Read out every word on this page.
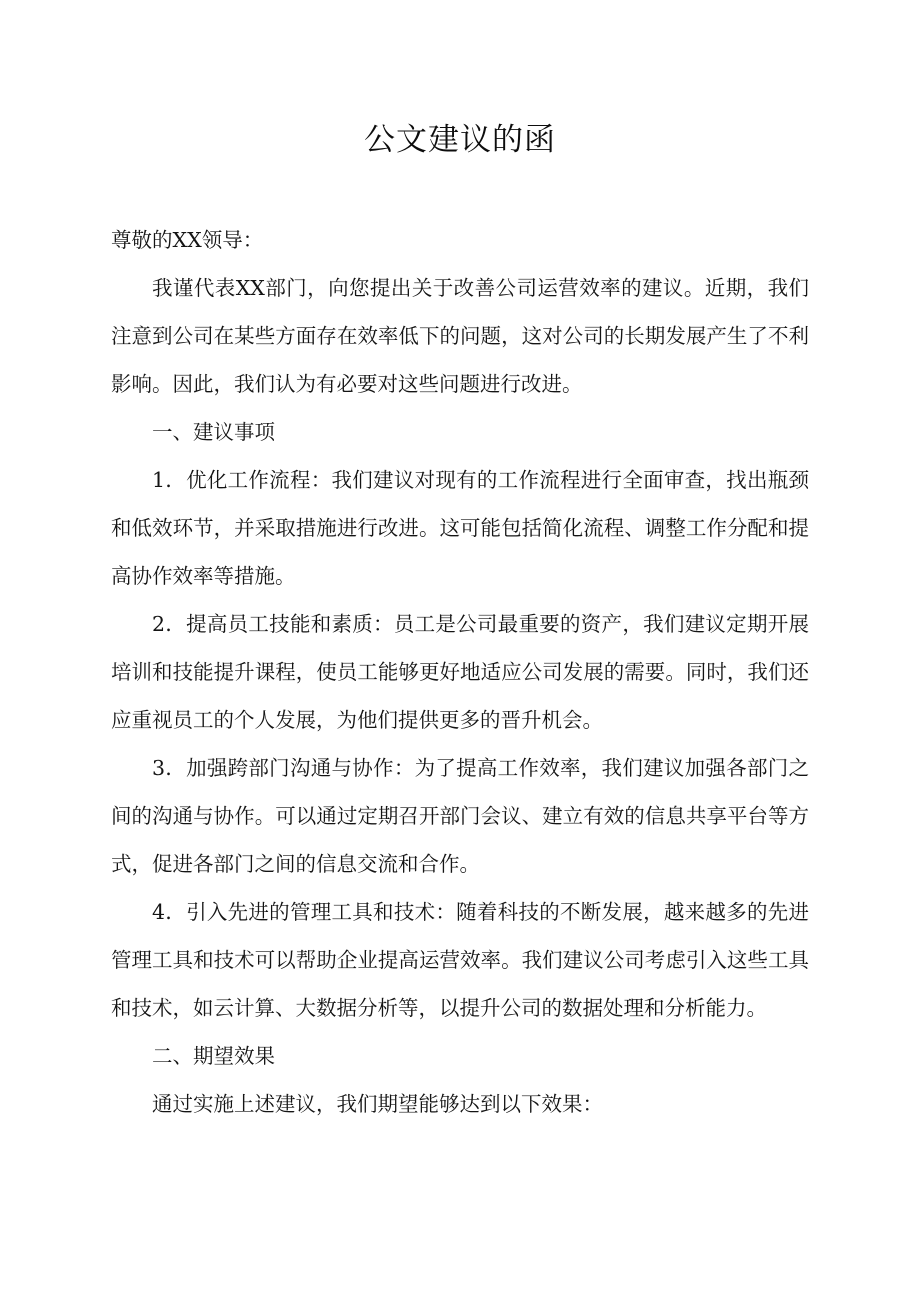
公文建议的函

尊敬的XX领导：

我谨代表XX部门，向您提出关于改善公司运营效率的建议。近期，我们注意到公司在某些方面存在效率低下的问题，这对公司的长期发展产生了不利影响。因此，我们认为有必要对这些问题进行改进。

一、建议事项

1．优化工作流程：我们建议对现有的工作流程进行全面审查，找出瓶颈和低效环节，并采取措施进行改进。这可能包括简化流程、调整工作分配和提高协作效率等措施。

2．提高员工技能和素质：员工是公司最重要的资产，我们建议定期开展培训和技能提升课程，使员工能够更好地适应公司发展的需要。同时，我们还应重视员工的个人发展，为他们提供更多的晋升机会。

3．加强跨部门沟通与协作：为了提高工作效率，我们建议加强各部门之间的沟通与协作。可以通过定期召开部门会议、建立有效的信息共享平台等方式，促进各部门之间的信息交流和合作。

4．引入先进的管理工具和技术：随着科技的不断发展，越来越多的先进管理工具和技术可以帮助企业提高运营效率。我们建议公司考虑引入这些工具和技术，如云计算、大数据分析等，以提升公司的数据处理和分析能力。

二、期望效果

通过实施上述建议，我们期望能够达到以下效果：
